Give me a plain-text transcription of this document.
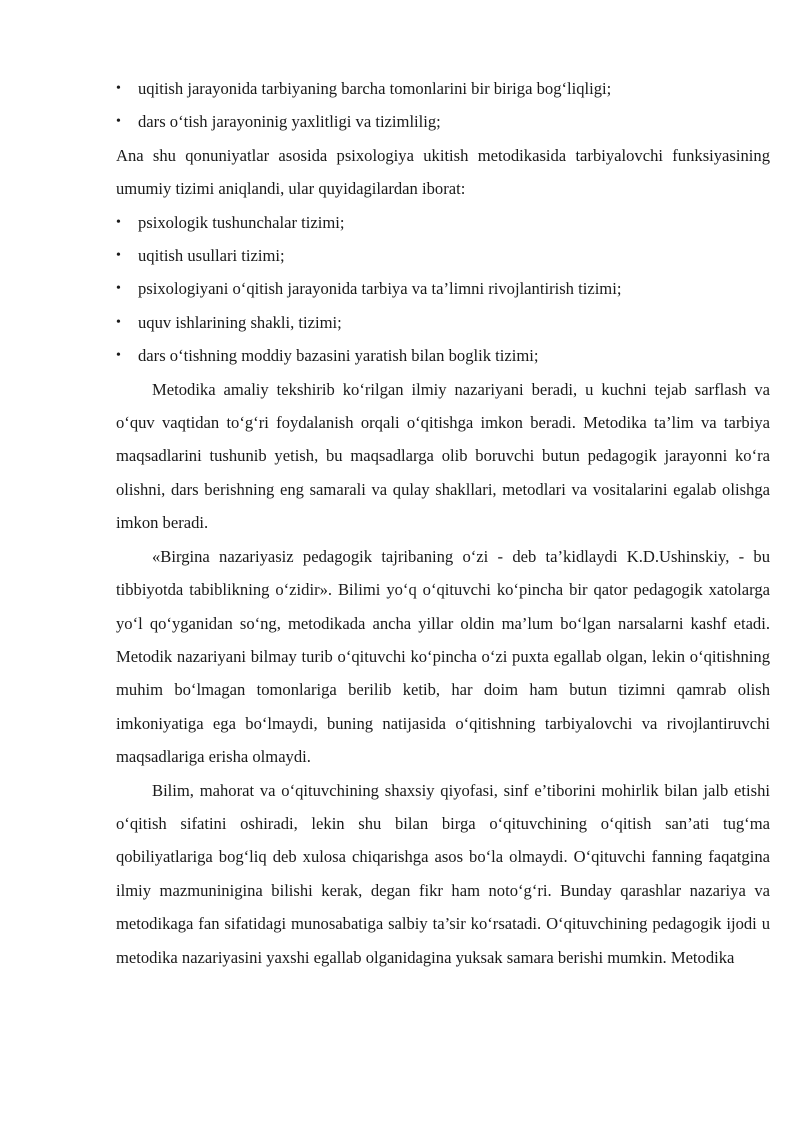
• uqitish jarayonida tarbiyaning barcha tomonlarini bir biriga bog‘liqligi;
• dars o‘tish jarayoninig yaxlitligi va tizimlilig;

Ana shu qonuniyatlar asosida psixologiya ukitish metodikasida tarbiyalovchi funksiyasining umumiy tizimi aniqlandi, ular quyidagilardan iborat:

• psixologik tushunchalar tizimi;
• uqitish usullari tizimi;
• psixologiyani o‘qitish jarayonida tarbiya va ta’limni rivojlantirish tizimi;
• uquv ishlarining shakli, tizimi;
• dars o‘tishning moddiy bazasini yaratish bilan boglik tizimi;

Metodika amaliy tekshirib ko‘rilgan ilmiy nazariyani beradi, u kuchni tejab sarflash va o‘quv vaqtidan to‘g‘ri foydalanish orqali o‘qitishga imkon beradi. Metodika ta’lim va tarbiya maqsadlarini tushunib yetish, bu maqsadlarga olib boruvchi butun pedagogik jarayonni ko‘ra olishni, dars berishning eng samarali va qulay shakllari, metodlari va vositalarini egalab olishga imkon beradi.

«Birgina nazariyasiz pedagogik tajribaning o‘zi - deb ta’kidlaydi K.D.Ushinskiy, - bu tibbiyotda tabiblikning o‘zidir». Bilimi yo‘q o‘qituvchi ko‘pincha bir qator pedagogik xatolarga yo‘l qo‘yganidan so‘ng, metodikada ancha yillar oldin ma’lum bo‘lgan narsalarni kashf etadi. Metodik nazariyani bilmay turib o‘qituvchi ko‘pincha o‘zi puxta egallab olgan, lekin o‘qitishning muhim bo‘lmagan tomonlariga berilib ketib, har doim ham butun tizimni qamrab olish imkoniyatiga ega bo‘lmaydi, buning natijasida o‘qitishning tarbiyalovchi va rivojlantiruvchi maqsadlariga erisha olmaydi.

Bilim, mahorat va o‘qituvchining shaxsiy qiyofasi, sinf e’tiborini mohirlik bilan jalb etishi o‘qitish sifatini oshiradi, lekin shu bilan birga o‘qituvchining o‘qitish san’ati tug‘ma qobiliyatlariga bog‘liq deb xulosa chiqarishga asos bo‘la olmaydi. O‘qituvchi fanning faqatgina ilmiy mazmuninigina bilishi kerak, degan fikr ham noto‘g‘ri. Bunday qarashlar nazariya va metodikaga fan sifatidagi munosabatiga salbiy ta’sir ko‘rsatadi. O‘qituvchining pedagogik ijodi u metodika nazariyasini yaxshi egallab olganidagina yuksak samara berishi mumkin. Metodika
